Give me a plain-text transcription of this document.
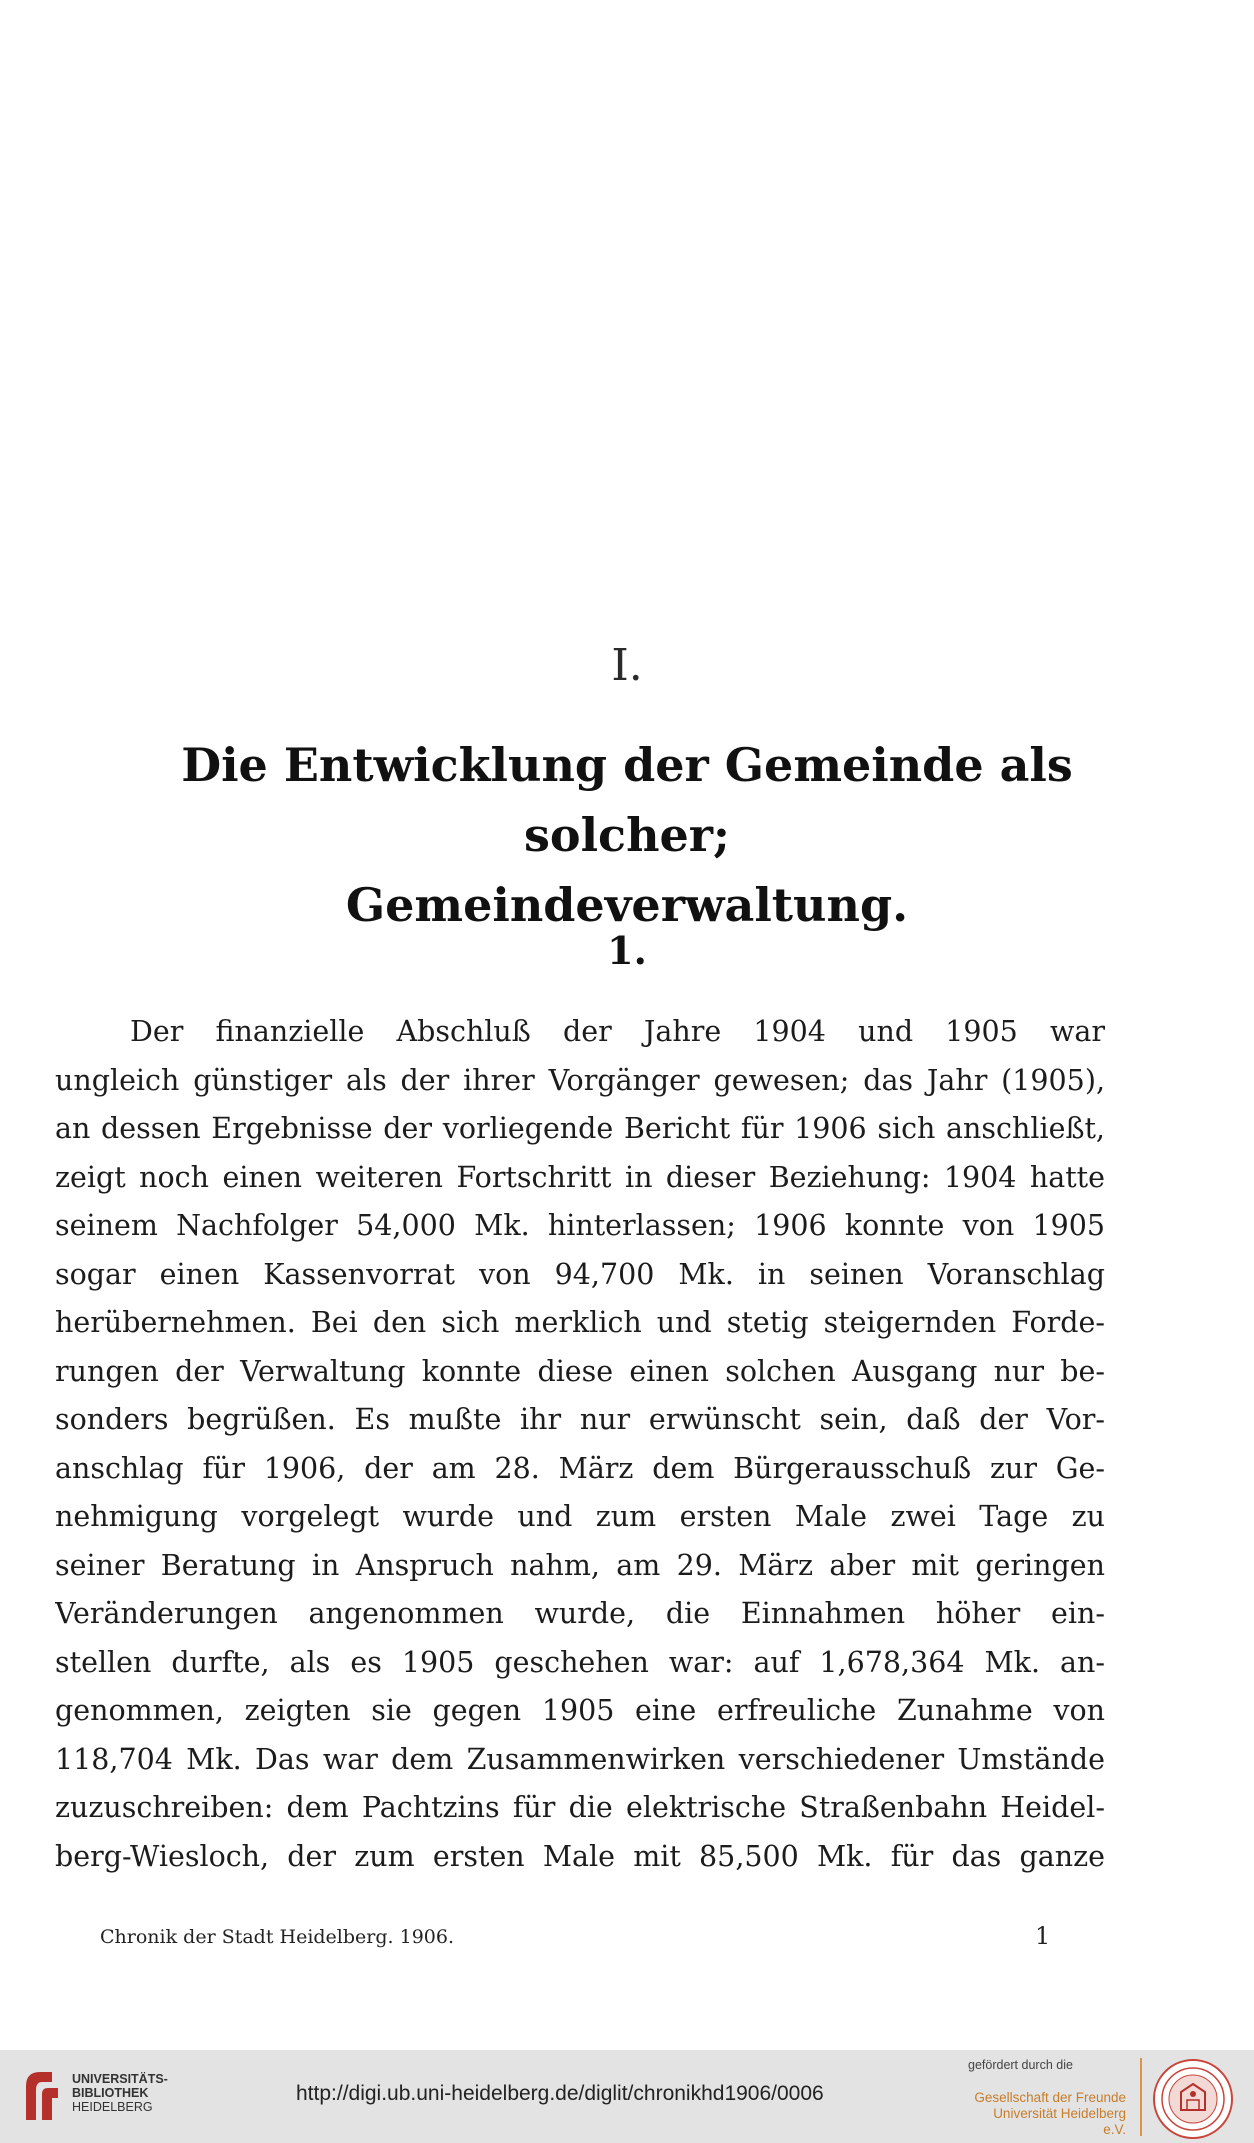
I.
Die Entwicklung der Gemeinde als solcher;
Gemeindeverwaltung.
1.
Der finanzielle Abschluß der Jahre 1904 und 1905 war
ungleich günstiger als der ihrer Vorgänger gewesen; das Jahr (1905),
an dessen Ergebnisse der vorliegende Bericht für 1906 sich anschließt,
zeigt noch einen weiteren Fortschritt in dieser Beziehung: 1904 hatte
seinem Nachfolger 54,000 Mk. hinterlassen; 1906 konnte von 1905
sogar einen Kassenvorrat von 94,700 Mk. in seinen Voranschlag
herübernehmen. Bei den sich merklich und stetig steigernden Forde-
rungen der Verwaltung konnte diese einen solchen Ausgang nur be-
sonders begrüßen. Es mußte ihr nur erwünscht sein, daß der Vor-
anschlag für 1906, der am 28. März dem Bürgerausschuß zur Ge-
nehmigung vorgelegt wurde und zum ersten Male zwei Tage zu
seiner Beratung in Anspruch nahm, am 29. März aber mit geringen
Veränderungen angenommen wurde, die Einnahmen höher ein-
stellen durfte, als es 1905 geschehen war: auf 1,678,364 Mk. an-
genommen, zeigten sie gegen 1905 eine erfreuliche Zunahme von
118,704 Mk. Das war dem Zusammenwirken verschiedener Umstände
zuzuschreiben: dem Pachtzins für die elektrische Straßenbahn Heidel-
berg-Wiesloch, der zum ersten Male mit 85,500 Mk. für das ganze
Chronik der Stadt Heidelberg. 1906.	1
UNIVERSITÄTS-
BIBLIOTHEK
HEIDELBERG
http://digi.ub.uni-heidelberg.de/diglit/chronikhd1906/0006
gefördert durch die
Gesellschaft der Freunde
Universität Heidelberg e.V.
